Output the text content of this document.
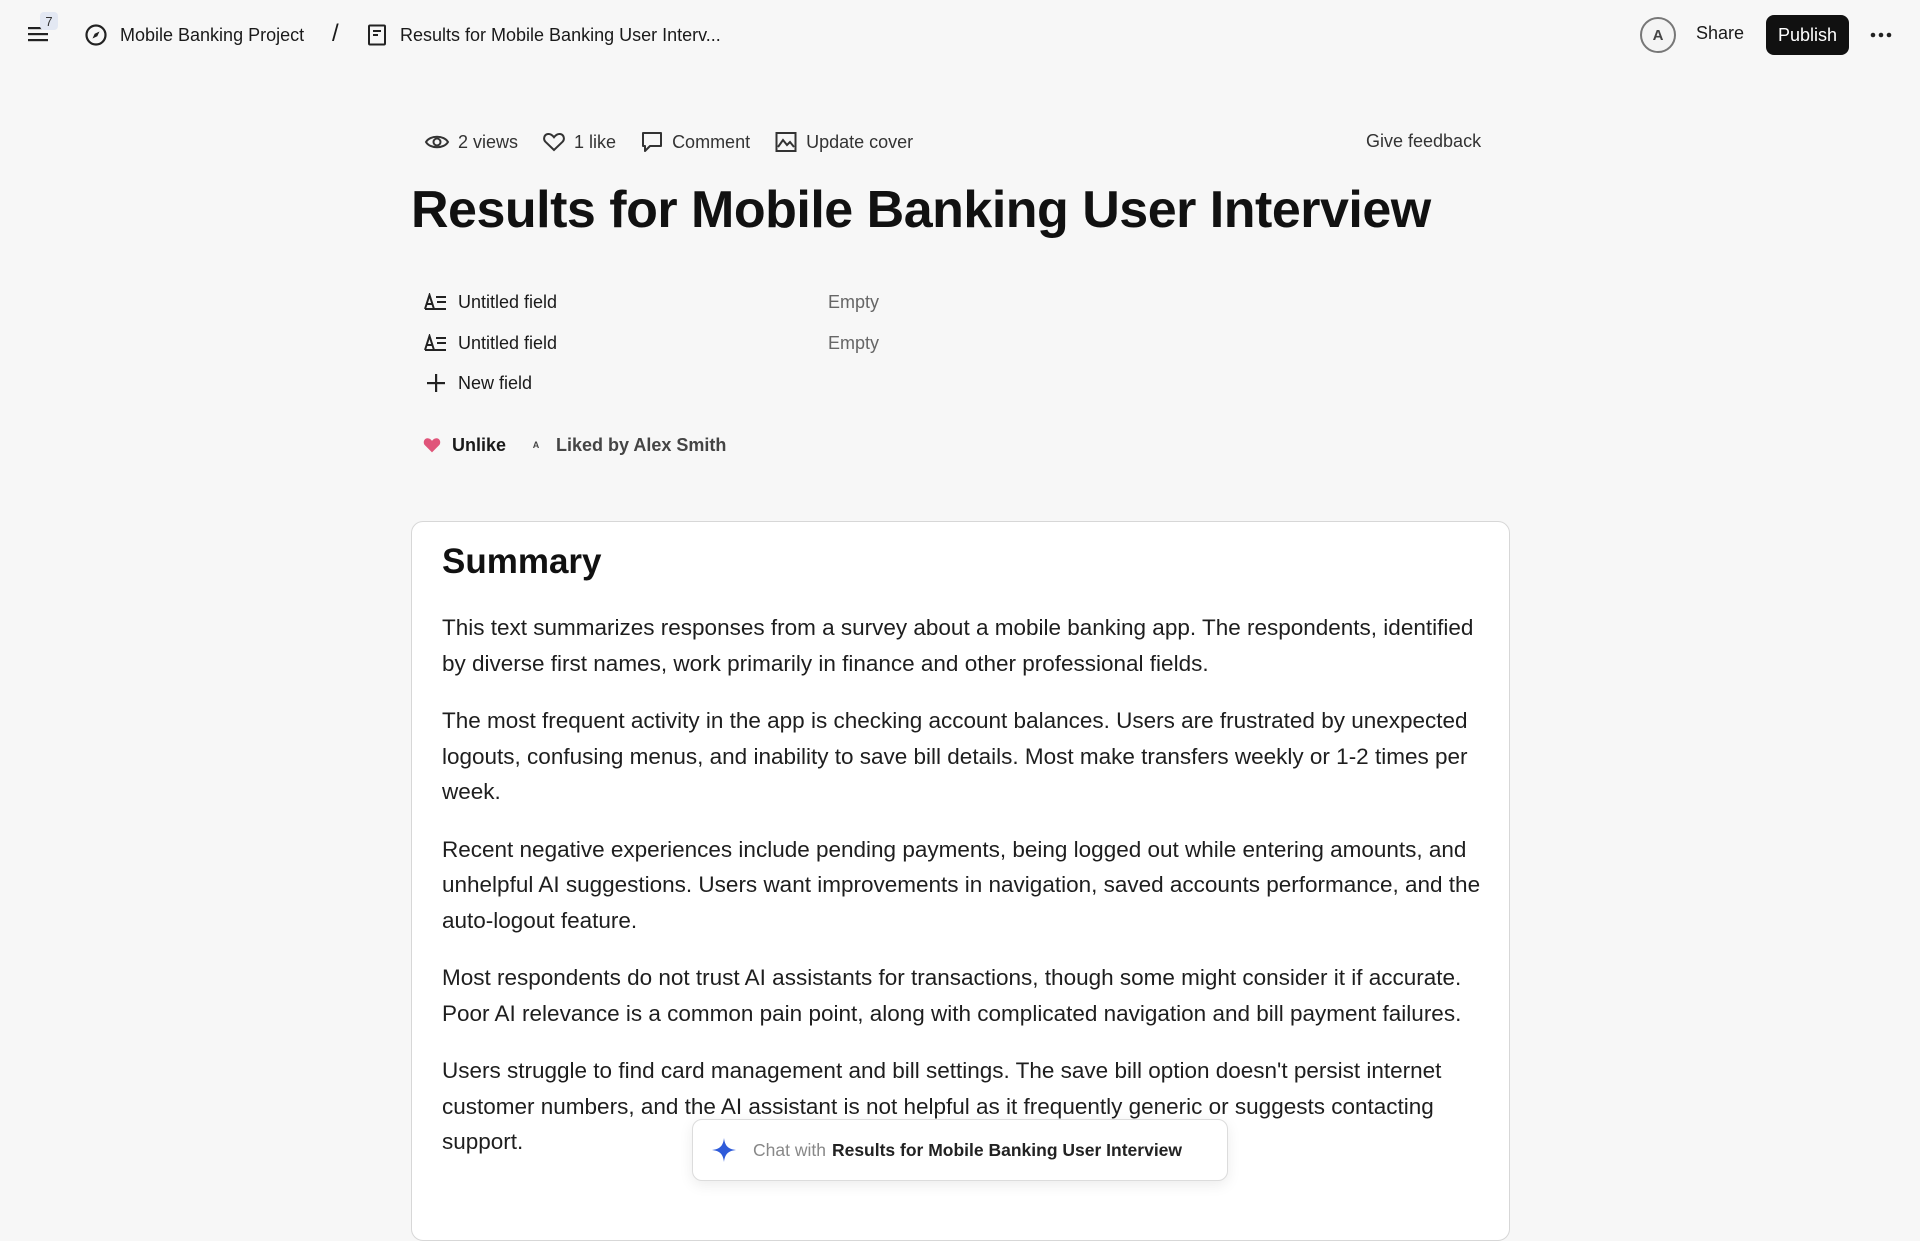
7
Mobile Banking Project /	Results for Mobile Banking User Interv...	A	Share	Publish
2 views	1 like	Comment	Update cover	Give feedback
Results for Mobile Banking User Interview
Untitled field	Empty
Untitled field	Empty
New field
Unlike	A Liked by Alex Smith
Summary

This text summarizes responses from a survey about a mobile banking app. The respondents, identified by diverse first names, work primarily in finance and other professional fields.

The most frequent activity in the app is checking account balances. Users are frustrated by unexpected logouts, confusing menus, and inability to save bill details. Most make transfers weekly or 1-2 times per week.

Recent negative experiences include pending payments, being logged out while entering amounts, and unhelpful AI suggestions. Users want improvements in navigation, saved accounts performance, and the auto-logout feature.

Most respondents do not trust AI assistants for transactions, though some might consider it if accurate. Poor AI relevance is a common pain point, along with complicated navigation and bill payment failures.

Users struggle to find card management and bill settings. The save bill option doesn't persist internet customer numbers, and the AI assistant is not helpful as it frequently generic or suggests contacting support.	Chat with Results for Mobile Banking User Interview
